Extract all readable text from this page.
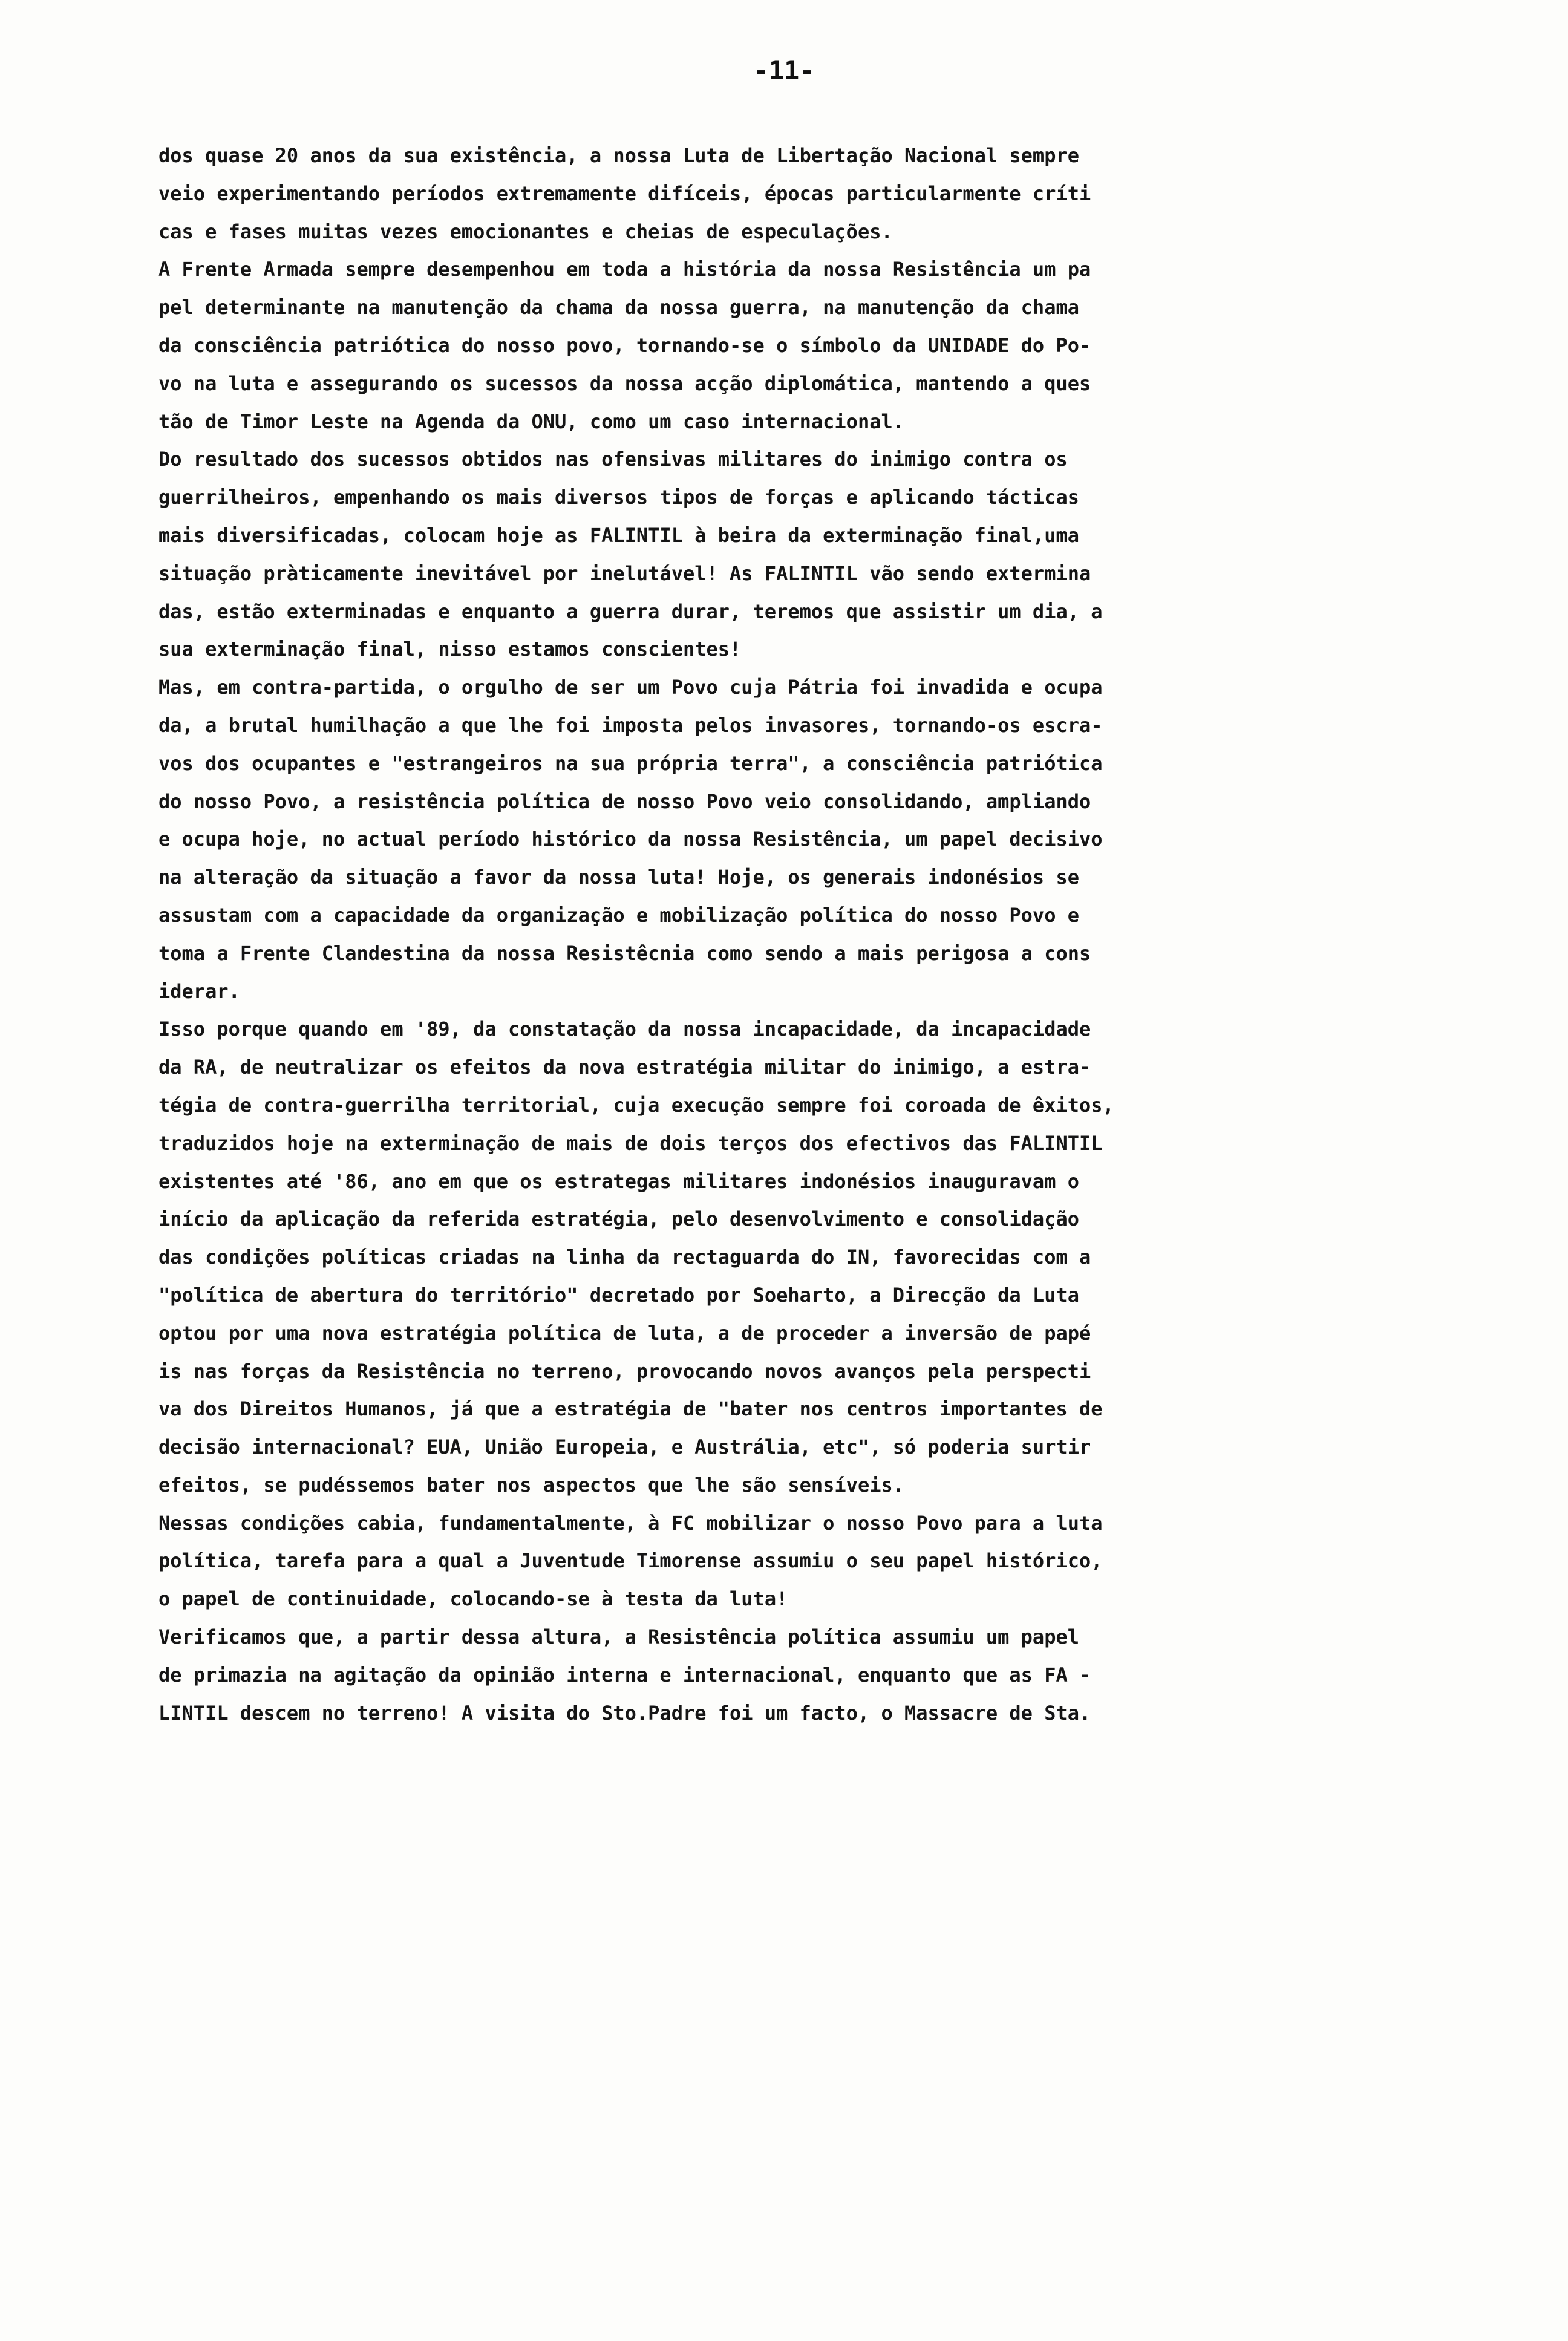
-11-
dos quase 20 anos da sua existência, a nossa Luta de Libertação Nacional sempre
veio experimentando períodos extremamente difíceis, épocas particularmente críti
cas e fases muitas vezes emocionantes e cheias de especulações.
A Frente Armada sempre desempenhou em toda a história da nossa Resistência um pa
pel determinante na manutenção da chama da nossa guerra, na manutenção da chama
da consciência patriótica do nosso povo, tornando-se o símbolo da UNIDADE do Po-
vo na luta e assegurando os sucessos da nossa acção diplomática, mantendo a ques
tão de Timor Leste na Agenda da ONU, como um caso internacional.
Do resultado dos sucessos obtidos nas ofensivas militares do inimigo contra os
guerrilheiros, empenhando os mais diversos tipos de forças e aplicando tácticas
mais diversificadas, colocam hoje as FALINTIL à beira da exterminação final,uma
situação pràticamente inevitável por inelutável! As FALINTIL vão sendo extermina
das, estão exterminadas e enquanto a guerra durar, teremos que assistir um dia, a
sua exterminação final, nisso estamos conscientes!
Mas, em contra-partida, o orgulho de ser um Povo cuja Pátria foi invadida e ocupa
da, a brutal humilhação a que lhe foi imposta pelos invasores, tornando-os escra-
vos dos ocupantes e "estrangeiros na sua própria terra", a consciência patriótica
do nosso Povo, a resistência política de nosso Povo veio consolidando, ampliando
e ocupa hoje, no actual período histórico da nossa Resistência, um papel decisivo
na alteração da situação a favor da nossa luta! Hoje, os generais indonésios se
assustam com a capacidade da organização e mobilização política do nosso Povo e
toma a Frente Clandestina da nossa Resistêcnia como sendo a mais perigosa a cons
iderar.
Isso porque quando em '89, da constatação da nossa incapacidade, da incapacidade
da RA, de neutralizar os efeitos da nova estratégia militar do inimigo, a estra-
tégia de contra-guerrilha territorial, cuja execução sempre foi coroada de êxitos,
traduzidos hoje na exterminação de mais de dois terços dos efectivos das FALINTIL
existentes até '86, ano em que os estrategas militares indonésios inauguravam o
início da aplicação da referida estratégia, pelo desenvolvimento e consolidação
das condições políticas criadas na linha da rectaguarda do IN, favorecidas com a
"política de abertura do território" decretado por Soeharto, a Direcção da Luta
optou por uma nova estratégia política de luta, a de proceder a inversão de papé
is nas forças da Resistência no terreno, provocando novos avanços pela perspecti
va dos Direitos Humanos, já que a estratégia de "bater nos centros importantes de
decisão internacional? EUA, União Europeia, e Austrália, etc", só poderia surtir
efeitos, se pudéssemos bater nos aspectos que lhe são sensíveis.
Nessas condições cabia, fundamentalmente, à FC mobilizar o nosso Povo para a luta
política, tarefa para a qual a Juventude Timorense assumiu o seu papel histórico,
o papel de continuidade, colocando-se à testa da luta!
Verificamos que, a partir dessa altura, a Resistência política assumiu um papel
de primazia na agitação da opinião interna e internacional, enquanto que as FA -
LINTIL descem no terreno! A visita do Sto.Padre foi um facto, o Massacre de Sta.
